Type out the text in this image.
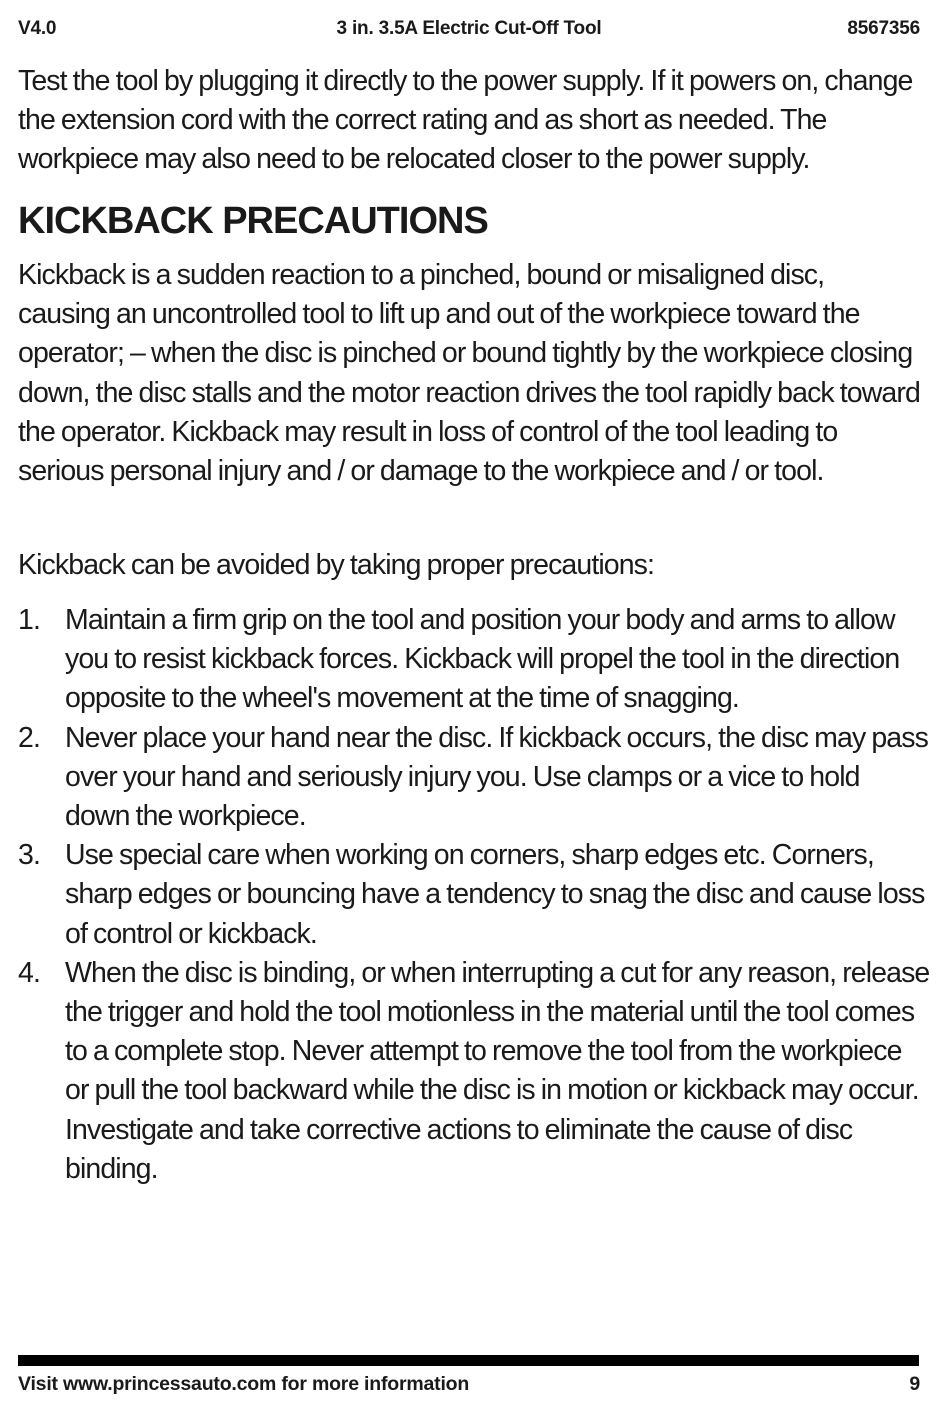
V4.0	3 in. 3.5A Electric Cut-Off Tool	8567356

Test the tool by plugging it directly to the power supply. If it powers on, change the extension cord with the correct rating and as short as needed. The workpiece may also need to be relocated closer to the power supply.

KICKBACK PRECAUTIONS

Kickback is a sudden reaction to a pinched, bound or misaligned disc, causing an uncontrolled tool to lift up and out of the workpiece toward the operator; – when the disc is pinched or bound tightly by the workpiece closing down, the disc stalls and the motor reaction drives the tool rapidly back toward the operator. Kickback may result in loss of control of the tool leading to serious personal injury and / or damage to the workpiece and / or tool.

Kickback can be avoided by taking proper precautions:

1. Maintain a firm grip on the tool and position your body and arms to allow you to resist kickback forces. Kickback will propel the tool in the direction opposite to the wheel's movement at the time of snagging.
2. Never place your hand near the disc. If kickback occurs, the disc may pass over your hand and seriously injury you. Use clamps or a vice to hold down the workpiece.
3. Use special care when working on corners, sharp edges etc. Corners, sharp edges or bouncing have a tendency to snag the disc and cause loss of control or kickback.
4. When the disc is binding, or when interrupting a cut for any reason, release the trigger and hold the tool motionless in the material until the tool comes to a complete stop. Never attempt to remove the tool from the workpiece or pull the tool backward while the disc is in motion or kickback may occur. Investigate and take corrective actions to eliminate the cause of disc binding.
Visit www.princessauto.com for more information	9
